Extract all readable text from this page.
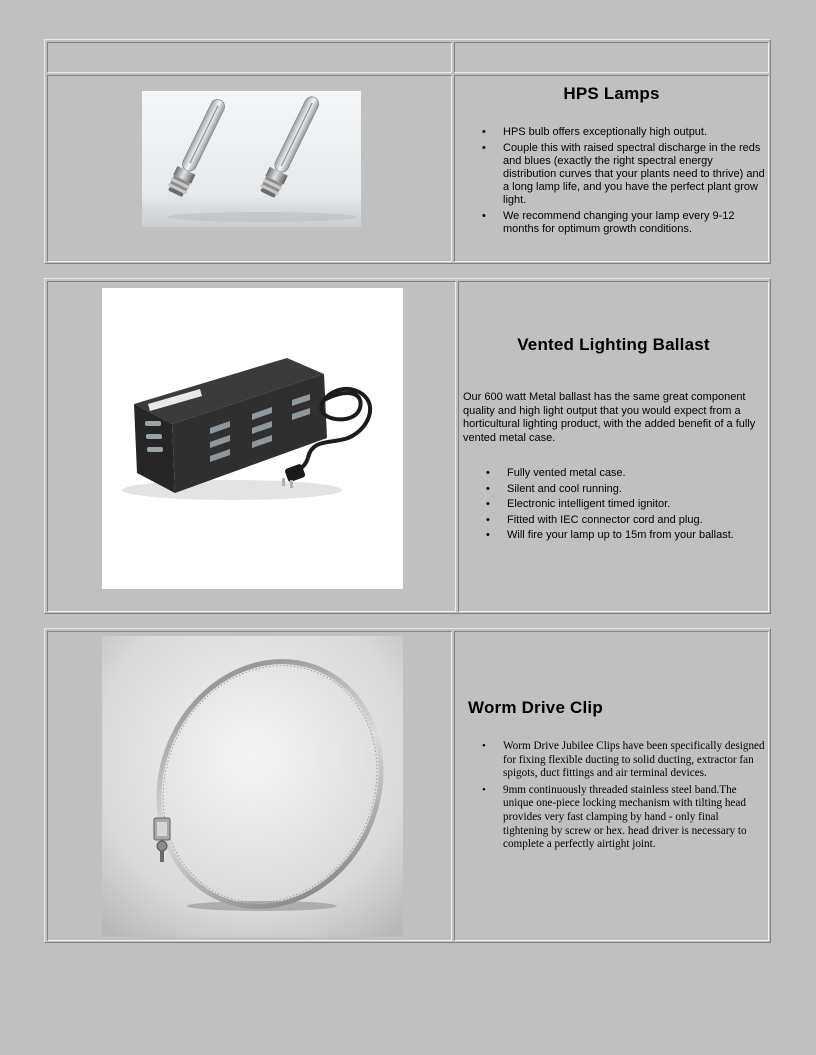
HPS Lamps
• HPS bulb offers exceptionally high output.
• Couple this with raised spectral discharge in the reds and blues (exactly the right spectral energy distribution curves that your plants need to thrive) and a long lamp life, and you have the perfect plant grow light.
• We recommend changing your lamp every 9-12 months for optimum growth conditions.
Vented Lighting Ballast
Our 600 watt Metal ballast has the same great component quality and high light output that you would expect from a horticultural lighting product, with the added benefit of a fully vented metal case.
• Fully vented metal case.
• Silent and cool running.
• Electronic intelligent timed ignitor.
• Fitted with IEC connector cord and plug.
• Will fire your lamp up to 15m from your ballast.
Worm Drive Clip
• Worm Drive Jubilee Clips have been specifically designed for fixing flexible ducting to solid ducting, extractor fan spigots, duct fittings and air terminal devices.
• 9mm continuously threaded stainless steel band.The unique one-piece locking mechanism with tilting head provides very fast clamping by hand - only final tightening by screw or hex. head driver is necessary to complete a perfectly airtight joint.
